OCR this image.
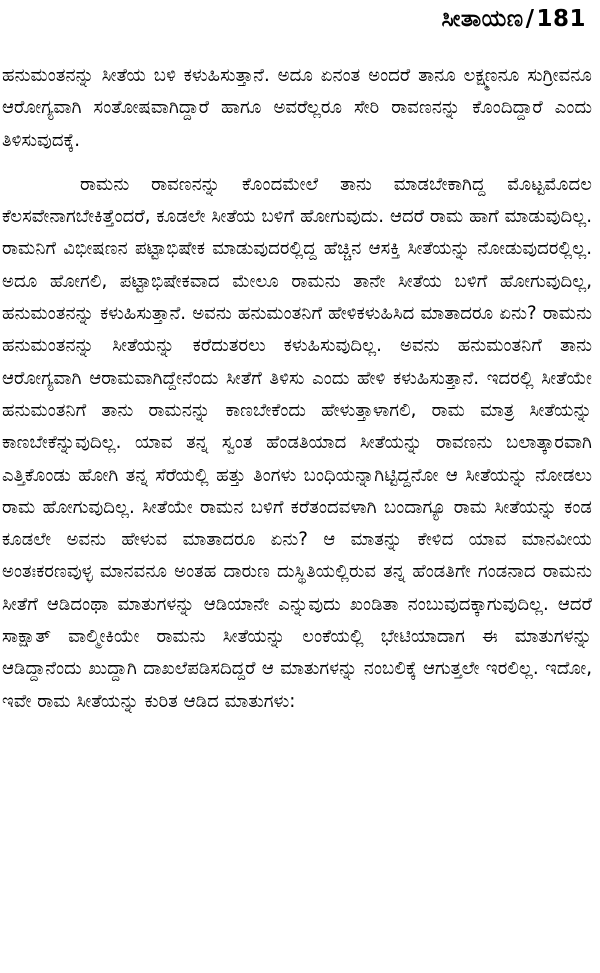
ಸೀತಾಯಣ/181

ಹನುಮಂತನನ್ನು ಸೀತೆಯ ಬಳಿ ಕಳುಹಿಸುತ್ತಾನೆ. ಅದೂ ಏನಂತ ಅಂದರೆ ತಾನೂ ಲಕ್ಷ್ಮಣನೂ ಸುಗ್ರೀವನೂ ಆರೋಗ್ಯವಾಗಿ ಸಂತೋಷವಾಗಿದ್ದಾರೆ ಹಾಗೂ ಅವರೆಲ್ಲರೂ ಸೇರಿ ರಾವಣನನ್ನು ಕೊಂದಿದ್ದಾರೆ ಎಂದು ತಿಳಿಸುವುದಕ್ಕೆ.

ರಾಮನು ರಾವಣನನ್ನು ಕೊಂದಮೇಲೆ ತಾನು ಮಾಡಬೇಕಾಗಿದ್ದ ಮೊಟ್ಟಮೊದಲ ಕೆಲಸವೇನಾಗಬೇಕಿತ್ತೆಂದರೆ, ಕೂಡಲೇ ಸೀತೆಯ ಬಳಿಗೆ ಹೋಗುವುದು. ಆದರೆ ರಾಮ ಹಾಗೆ ಮಾಡುವುದಿಲ್ಲ. ರಾಮನಿಗೆ ವಿಭೀಷಣನ ಪಟ್ಟಾಭಿಷೇಕ ಮಾಡುವುದರಲ್ಲಿದ್ದ ಹೆಚ್ಚಿನ ಆಸಕ್ತಿ ಸೀತೆಯನ್ನು ನೋಡುವುದರಲ್ಲಿಲ್ಲ. ಅದೂ ಹೋಗಲಿ, ಪಟ್ಟಾಭಿಷೇಕವಾದ ಮೇಲೂ ರಾಮನು ತಾನೇ ಸೀತೆಯ ಬಳಿಗೆ ಹೋಗುವುದಿಲ್ಲ, ಹನುಮಂತನನ್ನು ಕಳುಹಿಸುತ್ತಾನೆ. ಅವನು ಹನುಮಂತನಿಗೆ ಹೇಳಿಕಳುಹಿಸಿದ ಮಾತಾದರೂ ಏನು? ರಾಮನು ಹನುಮಂತನನ್ನು ಸೀತೆಯನ್ನು ಕರೆದುತರಲು ಕಳುಹಿಸುವುದಿಲ್ಲ. ಅವನು ಹನುಮಂತನಿಗೆ ತಾನು ಆರೋಗ್ಯವಾಗಿ ಆರಾಮವಾಗಿದ್ದೇನೆಂದು ಸೀತೆಗೆ ತಿಳಿಸು ಎಂದು ಹೇಳಿ ಕಳುಹಿಸುತ್ತಾನೆ. ಇದರಲ್ಲಿ ಸೀತೆಯೇ ಹನುಮಂತನಿಗೆ ತಾನು ರಾಮನನ್ನು ಕಾಣಬೇಕೆಂದು ಹೇಳುತ್ತಾಳಾಗಲಿ, ರಾಮ ಮಾತ್ರ ಸೀತೆಯನ್ನು ಕಾಣಬೇಕೆನ್ನುವುದಿಲ್ಲ. ಯಾವ ತನ್ನ ಸ್ವಂತ ಹೆಂಡತಿಯಾದ ಸೀತೆಯನ್ನು ರಾವಣನು ಬಲಾತ್ಕಾರವಾಗಿ ಎತ್ತಿಕೊಂಡು ಹೋಗಿ ತನ್ನ ಸೆರೆಯಲ್ಲಿ ಹತ್ತು ತಿಂಗಳು ಬಂಧಿಯನ್ನಾಗಿಟ್ಟಿದ್ದನೋ ಆ ಸೀತೆಯನ್ನು ನೋಡಲು ರಾಮ ಹೋಗುವುದಿಲ್ಲ. ಸೀತೆಯೇ ರಾಮನ ಬಳಿಗೆ ಕರೆತಂದವಳಾಗಿ ಬಂದಾಗ್ಯೂ ರಾಮ ಸೀತೆಯನ್ನು ಕಂಡ ಕೂಡಲೇ ಅವನು ಹೇಳುವ ಮಾತಾದರೂ ಏನು? ಆ ಮಾತನ್ನು ಕೇಳಿದ ಯಾವ ಮಾನವೀಯ ಅಂತಃಕರಣವುಳ್ಳ ಮಾನವನೂ ಅಂತಹ ದಾರುಣ ದುಸ್ಥಿತಿಯಲ್ಲಿರುವ ತನ್ನ ಹೆಂಡತಿಗೇ ಗಂಡನಾದ ರಾಮನು ಸೀತೆಗೆ ಆಡಿದಂಥಾ ಮಾತುಗಳನ್ನು ಆಡಿಯಾನೇ ಎನ್ನುವುದು ಖಂಡಿತಾ ನಂಬುವುದಕ್ಕಾಗುವುದಿಲ್ಲ. ಆದರೆ ಸಾಕ್ಷಾತ್ ವಾಲ್ಮೀಕಿಯೇ ರಾಮನು ಸೀತೆಯನ್ನು ಲಂಕೆಯಲ್ಲಿ ಭೇಟಿಯಾದಾಗ ಈ ಮಾತುಗಳನ್ನು ಆಡಿದ್ದಾನೆಂದು ಖುದ್ದಾಗಿ ದಾಖಲೆಪಡಿಸದಿದ್ದರೆ ಆ ಮಾತುಗಳನ್ನು ನಂಬಲಿಕ್ಕೆ ಆಗುತ್ತಲೇ ಇರಲಿಲ್ಲ. ಇದೋ, ಇವೇ ರಾಮ ಸೀತೆಯನ್ನು ಕುರಿತ ಆಡಿದ ಮಾತುಗಳು:
